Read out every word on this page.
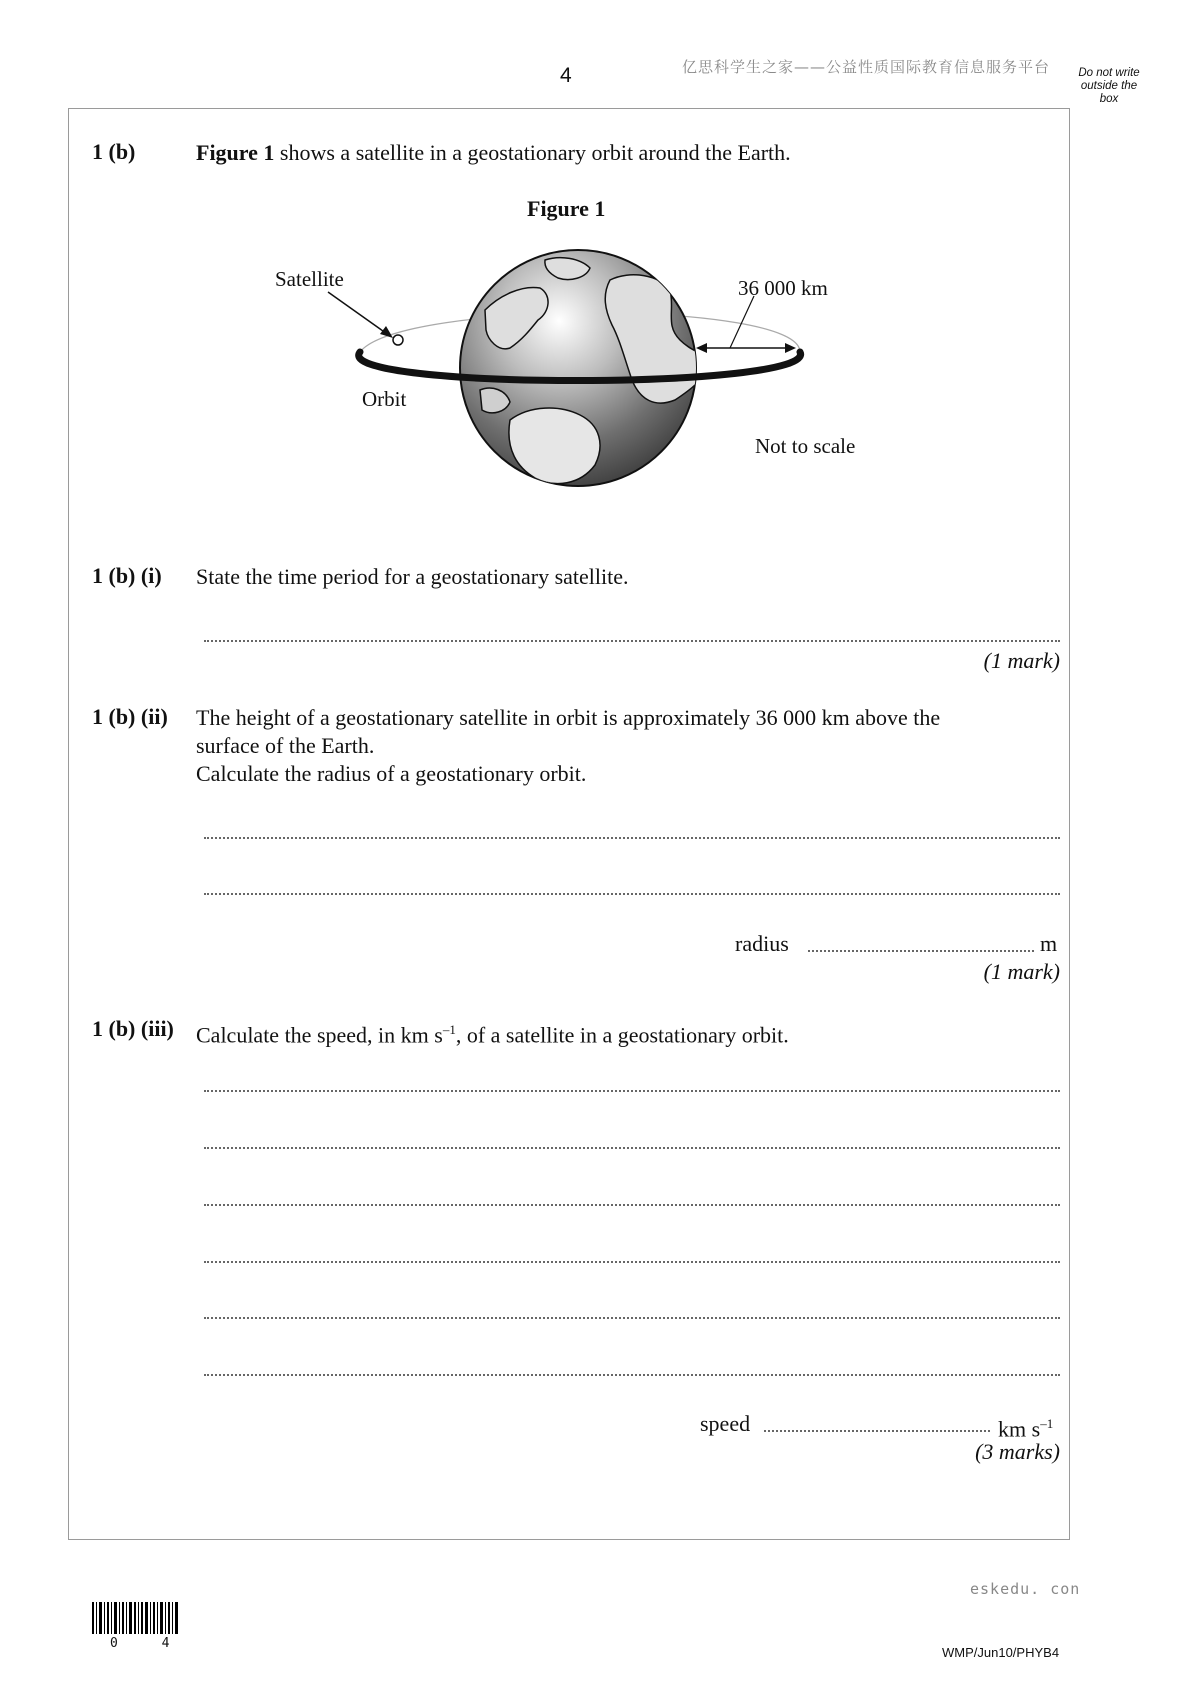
4	亿思科学生之家——公益性质国际教育信息服务平台	Do not write outside the box
1 (b)	Figure 1 shows a satellite in a geostationary orbit around the Earth.
Figure 1
Satellite	36 000 km
Orbit
Not to scale
1 (b) (i) State the time period for a geostationary satellite.
(1 mark)
1 (b) (ii) The height of a geostationary satellite in orbit is approximately 36 000 km above the
surface of the Earth.
Calculate the radius of a geostationary orbit.
radius	m
(1 mark)
1 (b) (iii) Calculate the speed, in km $s^{-1}$, of a satellite in a geostationary orbit.
speed	km $s^{-1}$
(3 marks)
eskedu. con
0 4
WMP/Jun10/PHYB4
